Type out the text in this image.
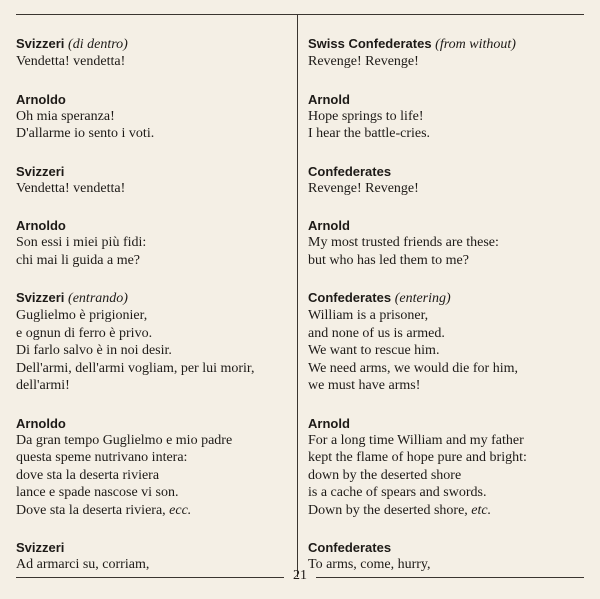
Svizzeri (di dentro)
Vendetta! vendetta!
Arnoldo
Oh mia speranza!
D'allarme io sento i voti.
Svizzeri
Vendetta! vendetta!
Arnoldo
Son essi i miei più fidi:
chi mai li guida a me?
Svizzeri (entrando)
Guglielmo è prigionier,
e ognun di ferro è privo.
Di farlo salvo è in noi desir.
Dell'armi, dell'armi vogliam, per lui morir,
dell'armi!
Arnoldo
Da gran tempo Guglielmo e mio padre
questa speme nutrivano intera:
dove sta la deserta riviera
lance e spade nascose vi son.
Dove sta la deserta riviera, ecc.
Svizzeri
Ad armarci su, corriam,
Swiss Confederates (from without)
Revenge! Revenge!
Arnold
Hope springs to life!
I hear the battle-cries.
Confederates
Revenge! Revenge!
Arnold
My most trusted friends are these:
but who has led them to me?
Confederates (entering)
William is a prisoner,
and none of us is armed.
We want to rescue him.
We need arms, we would die for him,
we must have arms!
Arnold
For a long time William and my father
kept the flame of hope pure and bright:
down by the deserted shore
is a cache of spears and swords.
Down by the deserted shore, etc.
Confederates
To arms, come, hurry,
21
